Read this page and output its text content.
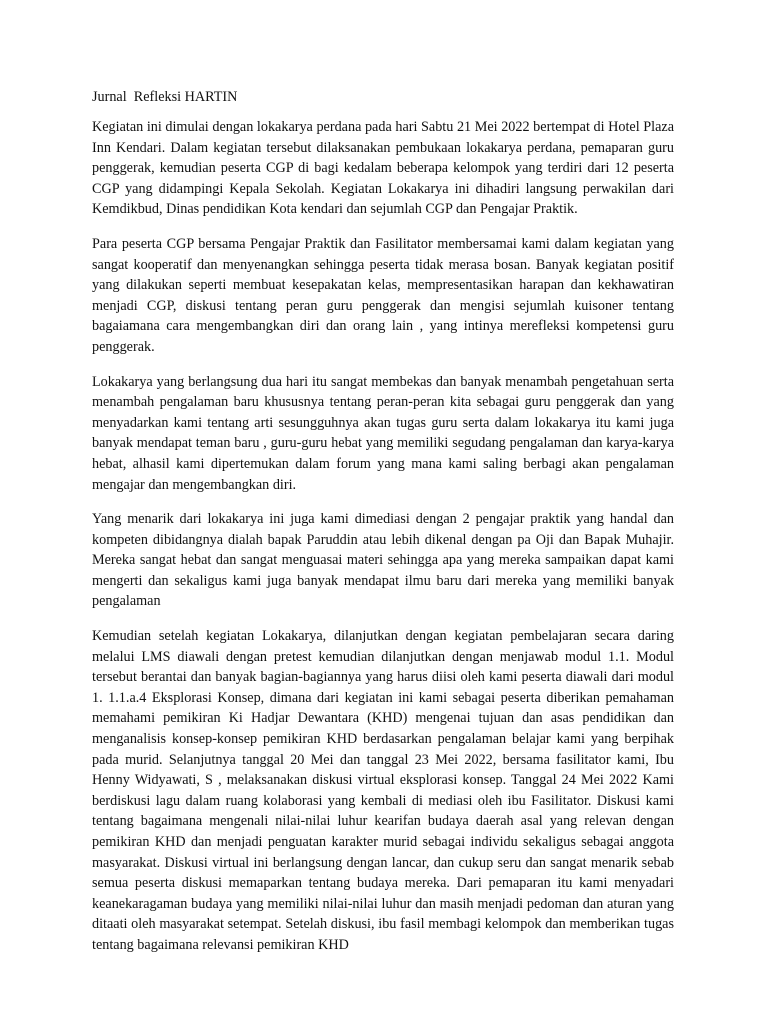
Jurnal  Refleksi HARTIN

Kegiatan ini dimulai dengan lokakarya perdana pada hari Sabtu 21 Mei 2022 bertempat di Hotel Plaza Inn Kendari. Dalam kegiatan tersebut dilaksanakan pembukaan lokakarya perdana, pemaparan guru penggerak, kemudian peserta CGP di bagi kedalam beberapa kelompok yang terdiri dari 12 peserta CGP yang didampingi Kepala Sekolah. Kegiatan Lokakarya ini dihadiri langsung perwakilan dari Kemdikbud, Dinas pendidikan Kota kendari dan sejumlah CGP dan Pengajar Praktik.

Para peserta CGP bersama Pengajar Praktik dan Fasilitator membersamai kami dalam kegiatan yang sangat kooperatif dan menyenangkan sehingga peserta tidak merasa bosan. Banyak kegiatan positif yang dilakukan seperti membuat kesepakatan kelas, mempresentasikan harapan dan kekhawatiran menjadi CGP, diskusi tentang peran guru penggerak dan mengisi sejumlah kuisoner tentang bagaiamana cara mengembangkan diri dan orang lain , yang intinya merefleksi kompetensi guru penggerak.

Lokakarya yang berlangsung dua hari itu sangat membekas dan banyak menambah pengetahuan serta menambah pengalaman baru khususnya tentang peran-peran kita sebagai guru penggerak dan yang menyadarkan kami tentang arti sesungguhnya akan tugas guru serta dalam lokakarya itu kami juga banyak mendapat teman baru , guru-guru hebat yang memiliki segudang pengalaman dan karya-karya hebat, alhasil kami dipertemukan dalam forum yang mana kami saling berbagi akan pengalaman mengajar dan mengembangkan diri.

Yang menarik dari lokakarya ini juga kami dimediasi dengan 2 pengajar praktik yang handal dan kompeten dibidangnya dialah bapak Paruddin atau lebih dikenal dengan pa Oji dan Bapak Muhajir. Mereka sangat hebat dan sangat menguasai materi sehingga apa yang mereka sampaikan dapat kami mengerti dan sekaligus kami juga banyak mendapat ilmu baru dari mereka yang memiliki banyak pengalaman

Kemudian setelah kegiatan Lokakarya, dilanjutkan dengan kegiatan pembelajaran secara daring melalui LMS diawali dengan pretest kemudian dilanjutkan dengan menjawab modul 1.1. Modul tersebut berantai dan banyak bagian-bagiannya yang harus diisi oleh kami peserta diawali dari modul 1. 1.1.a.4 Eksplorasi Konsep, dimana dari kegiatan ini kami sebagai peserta diberikan pemahaman memahami pemikiran Ki Hadjar Dewantara (KHD) mengenai tujuan dan asas pendidikan dan menganalisis konsep-konsep pemikiran KHD berdasarkan pengalaman belajar kami yang berpihak pada murid. Selanjutnya tanggal 20 Mei dan tanggal 23 Mei 2022, bersama fasilitator kami, Ibu Henny Widyawati, S , melaksanakan diskusi virtual eksplorasi konsep. Tanggal 24 Mei 2022 Kami berdiskusi lagu dalam ruang kolaborasi yang kembali di mediasi oleh ibu Fasilitator. Diskusi kami tentang bagaimana mengenali nilai-nilai luhur kearifan budaya daerah asal yang relevan dengan pemikiran KHD dan menjadi penguatan karakter murid sebagai individu sekaligus sebagai anggota masyarakat. Diskusi virtual ini berlangsung dengan lancar, dan cukup seru dan sangat menarik sebab semua peserta diskusi memaparkan tentang budaya mereka. Dari pemaparan itu kami menyadari keanekaragaman budaya yang memiliki nilai-nilai luhur dan masih menjadi pedoman dan aturan yang ditaati oleh masyarakat setempat. Setelah diskusi, ibu fasil membagi kelompok dan memberikan tugas tentang bagaimana relevansi pemikiran KHD
